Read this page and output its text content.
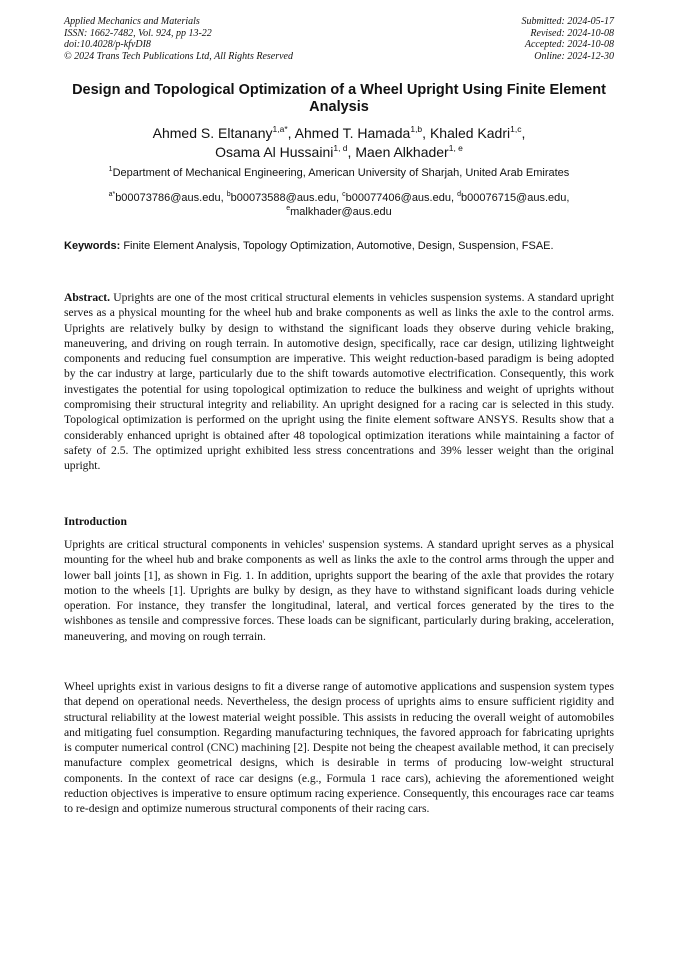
Applied Mechanics and Materials
ISSN: 1662-7482, Vol. 924, pp 13-22
doi:10.4028/p-kfvDI8
© 2024 Trans Tech Publications Ltd, All Rights Reserved
Submitted: 2024-05-17
Revised: 2024-10-08
Accepted: 2024-10-08
Online: 2024-12-30
Design and Topological Optimization of a Wheel Upright Using Finite Element Analysis
Ahmed S. Eltanany$^{1,a*}$, Ahmed T. Hamada$^{1,b}$, Khaled Kadri$^{1,c}$,
Osama Al Hussaini$^{1, d}$, Maen Alkhader$^{1, e}$
$^1$Department of Mechanical Engineering, American University of Sharjah, United Arab Emirates
$^{a*}$b00073786@aus.edu, $^b$b00073588@aus.edu, $^c$b00077406@aus.edu, $^d$b00076715@aus.edu,
$^e$malkhader@aus.edu
Keywords: Finite Element Analysis, Topology Optimization, Automotive, Design, Suspension, FSAE.
Abstract. Uprights are one of the most critical structural elements in vehicles suspension systems. A standard upright serves as a physical mounting for the wheel hub and brake components as well as links the axle to the control arms. Uprights are relatively bulky by design to withstand the significant loads they observe during vehicle braking, maneuvering, and driving on rough terrain. In automotive design, specifically, race car design, utilizing lightweight components and reducing fuel consumption are imperative. This weight reduction-based paradigm is being adopted by the car industry at large, particularly due to the shift towards automotive electrification. Consequently, this work investigates the potential for using topological optimization to reduce the bulkiness and weight of uprights without compromising their structural integrity and reliability. An upright designed for a racing car is selected in this study. Topological optimization is performed on the upright using the finite element software ANSYS. Results show that a considerably enhanced upright is obtained after 48 topological optimization iterations while maintaining a factor of safety of 2.5. The optimized upright exhibited less stress concentrations and 39% lesser weight than the original upright.
Introduction
Uprights are critical structural components in vehicles' suspension systems. A standard upright serves as a physical mounting for the wheel hub and brake components as well as links the axle to the control arms through the upper and lower ball joints [1], as shown in Fig. 1. In addition, uprights support the bearing of the axle that provides the rotary motion to the wheels [1]. Uprights are bulky by design, as they have to withstand significant loads during vehicle operation. For instance, they transfer the longitudinal, lateral, and vertical forces generated by the tires to the wishbones as tensile and compressive forces. These loads can be significant, particularly during braking, acceleration, maneuvering, and moving on rough terrain.
Wheel uprights exist in various designs to fit a diverse range of automotive applications and suspension system types that depend on operational needs. Nevertheless, the design process of uprights aims to ensure sufficient rigidity and structural reliability at the lowest material weight possible. This assists in reducing the overall weight of automobiles and mitigating fuel consumption. Regarding manufacturing techniques, the favored approach for fabricating uprights is computer numerical control (CNC) machining [2]. Despite not being the cheapest available method, it can precisely manufacture complex geometrical designs, which is desirable in terms of producing low-weight structural components. In the context of race car designs (e.g., Formula 1 race cars), achieving the aforementioned weight reduction objectives is imperative to ensure optimum racing experience. Consequently, this encourages race car teams to re-design and optimize numerous structural components of their racing cars.
